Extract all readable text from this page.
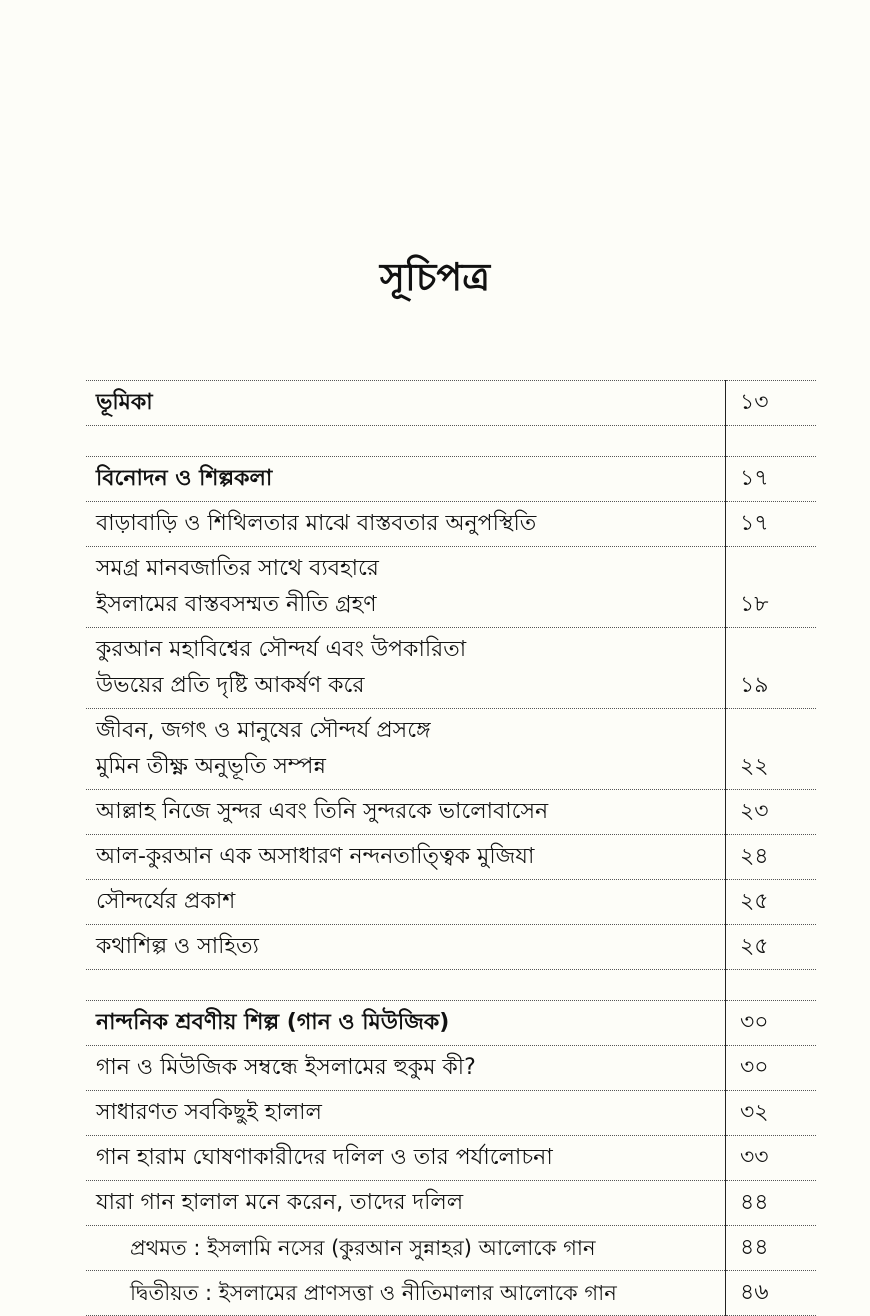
সূচিপত্র
ভূমিকা	১৩

বিনোদন ও শিল্পকলা	১৭

বাড়াবাড়ি ও শিথিলতার মাঝে বাস্তবতার অনুপস্থিতি	১৭

সমগ্র মানবজাতির সাথে ব্যবহারে
ইসলামের বাস্তবসম্মত নীতি গ্রহণ	১৮

কুরআন মহাবিশ্বের সৌন্দর্য এবং উপকারিতা
উভয়ের প্রতি দৃষ্টি আকর্ষণ করে	১৯

জীবন, জগৎ ও মানুষের সৌন্দর্য প্রসঙ্গে
মুমিন তীক্ষ্ণ অনুভূতি সম্পন্ন	২২

আল্লাহ নিজে সুন্দর এবং তিনি সুন্দরকে ভালোবাসেন	২৩

আল-কুরআন এক অসাধারণ নন্দনতাত্ত্বিক মুজিযা	২৪

সৌন্দর্যের প্রকাশ	২৫

কথাশিল্প ও সাহিত্য	২৫

নান্দনিক শ্রবণীয় শিল্প (গান ও মিউজিক)	৩০

গান ও মিউজিক সম্বন্ধে ইসলামের হুকুম কী?	৩০

সাধারণত সবকিছুই হালাল	৩২

গান হারাম ঘোষণাকারীদের দলিল ও তার পর্যালোচনা	৩৩

যারা গান হালাল মনে করেন, তাদের দলিল	৪৪

প্রথমত : ইসলামি নসের (কুরআন সুন্নাহর) আলোকে গান	৪৪

দ্বিতীয়ত : ইসলামের প্রাণসত্তা ও নীতিমালার আলোকে গান	৪৬
